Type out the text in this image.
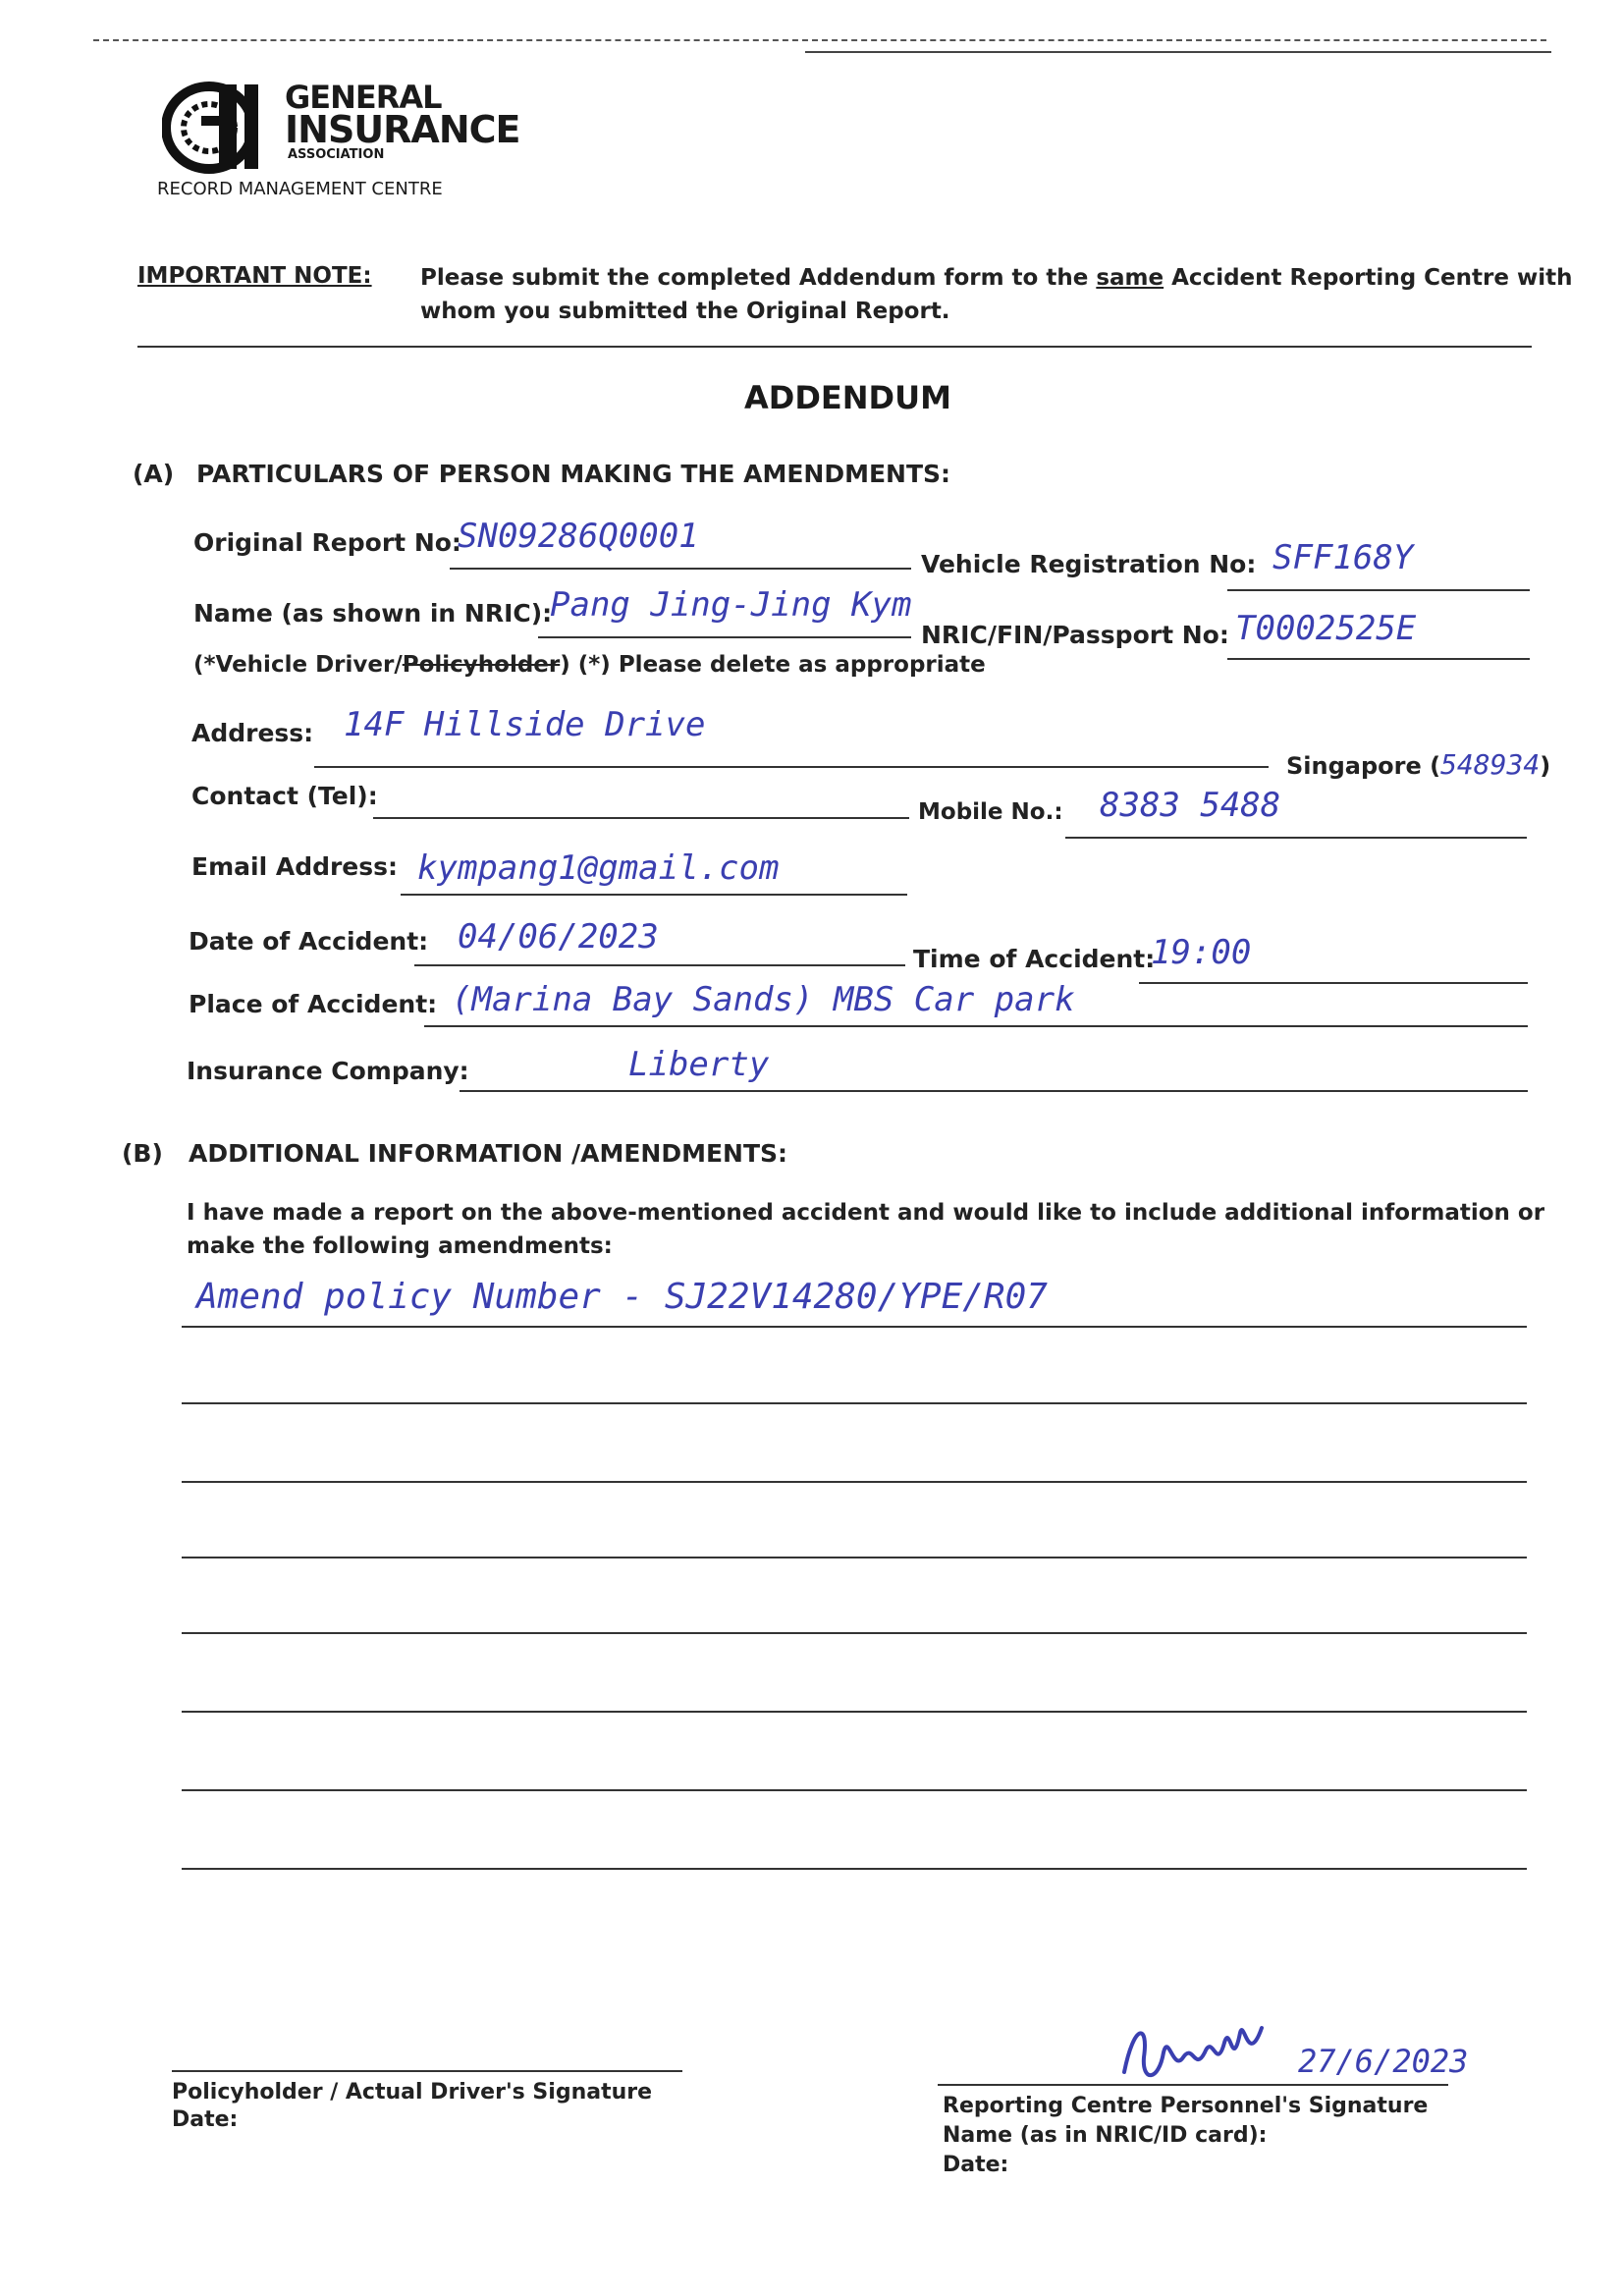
GENERAL
INSURANCE
ASSOCIATION
RECORD MANAGEMENT CENTRE
IMPORTANT NOTE: Please submit the completed Addendum form to the same Accident Reporting Centre with
whom you submitted the Original Report.
ADDENDUM
(A) PARTICULARS OF PERSON MAKING THE AMENDMENTS:
Original Report No:
SN09286Q0001
Vehicle Registration No: SFF168Y
Name (as shown in NRIC):
Pang Jing-Jing Kym
NRIC/FIN/Passport No: T0002525E
(*Vehicle Driver/Policyholder) (*) Please delete as appropriate
Address: 14F Hillside Drive
Singapore (548934)
Contact (Tel):
Mobile No.: 8383 5488
Email Address: kympang1@gmail.com
Date of Accident: 04/06/2023
Time of Accident:
19:00
Place of Accident: (Marina Bay Sands) MBS Car park
Insurance Company:	Liberty
(B) ADDITIONAL INFORMATION /AMENDMENTS:
I have made a report on the above-mentioned accident and would like to include additional information or
make the following amendments:
Amend policy Number - SJ22V14280/YPE/R07
Policyholder / Actual Driver's Signature
Date:
27/6/2023
Reporting Centre Personnel's Signature
Name (as in NRIC/ID card):
Date:
